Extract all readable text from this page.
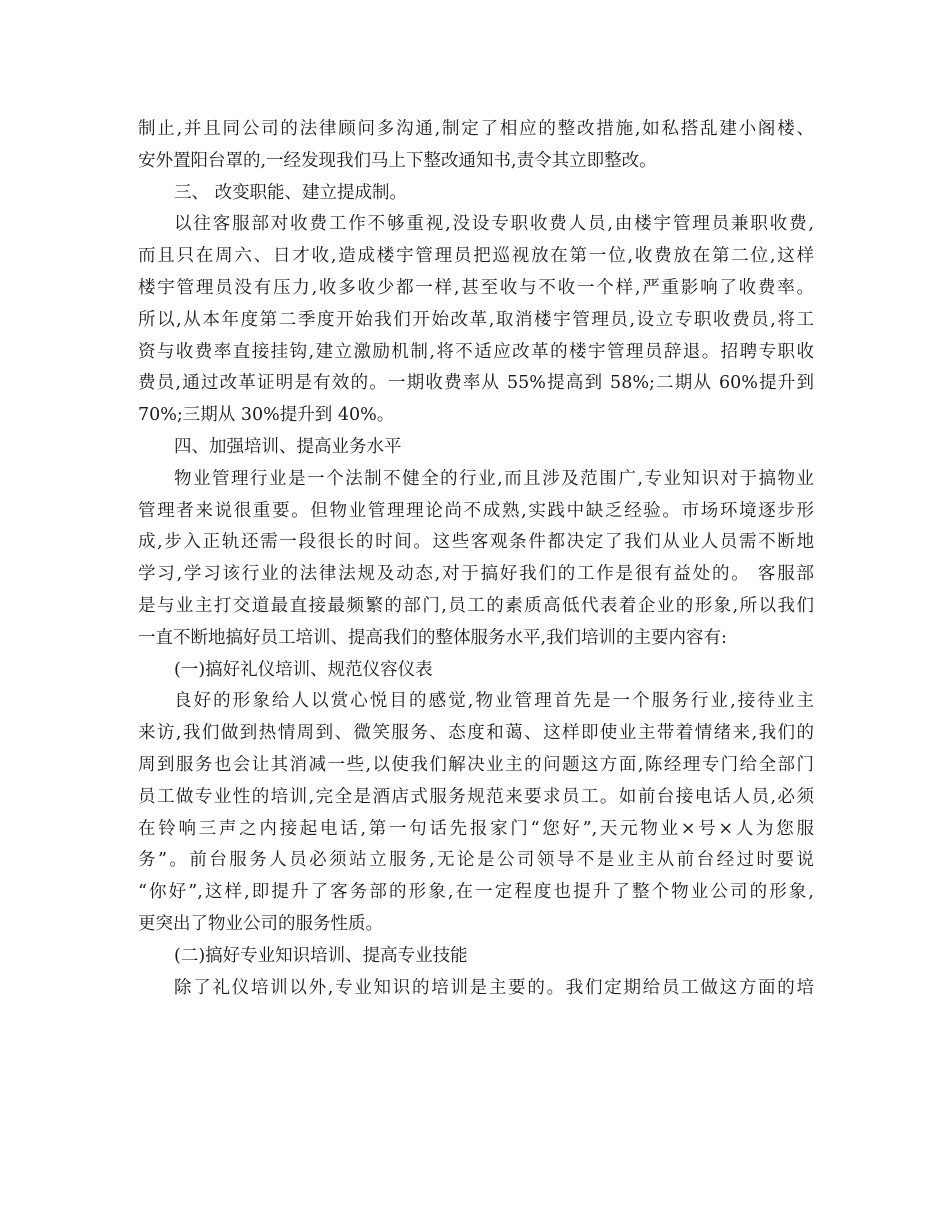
制止,并且同公司的法律顾问多沟通,制定了相应的整改措施,如私搭乱建小阁楼、
安外置阳台罩的,一经发现我们马上下整改通知书,责令其立即整改。
三、 改变职能、建立提成制。
以往客服部对收费工作不够重视,没设专职收费人员,由楼宇管理员兼职收费,
而且只在周六、日才收,造成楼宇管理员把巡视放在第一位,收费放在第二位,这样
楼宇管理员没有压力,收多收少都一样,甚至收与不收一个样,严重影响了收费率。
所以,从本年度第二季度开始我们开始改革,取消楼宇管理员,设立专职收费员,将工
资与收费率直接挂钩,建立激励机制,将不适应改革的楼宇管理员辞退。招聘专职收
费员,通过改革证明是有效的。一期收费率从 55%提高到 58%;二期从 60%提升到
70%;三期从 30%提升到 40%。
四、加强培训、提高业务水平
物业管理行业是一个法制不健全的行业,而且涉及范围广,专业知识对于搞物业
管理者来说很重要。但物业管理理论尚不成熟,实践中缺乏经验。市场环境逐步形
成,步入正轨还需一段很长的时间。这些客观条件都决定了我们从业人员需不断地
学习,学习该行业的法律法规及动态,对于搞好我们的工作是很有益处的。 客服部
是与业主打交道最直接最频繁的部门,员工的素质高低代表着企业的形象,所以我们
一直不断地搞好员工培训、提高我们的整体服务水平,我们培训的主要内容有:
(一)搞好礼仪培训、规范仪容仪表
良好的形象给人以赏心悦目的感觉,物业管理首先是一个服务行业,接待业主
来访,我们做到热情周到、微笑服务、态度和蔼、这样即使业主带着情绪来,我们的
周到服务也会让其消减一些,以使我们解决业主的问题这方面,陈经理专门给全部门
员工做专业性的培训,完全是酒店式服务规范来要求员工。如前台接电话人员,必须
在铃响三声之内接起电话,第一句话先报家门“您好”,天元物业×号×人为您服
务”。前台服务人员必须站立服务,无论是公司领导不是业主从前台经过时要说
“你好”,这样,即提升了客务部的形象,在一定程度也提升了整个物业公司的形象,
更突出了物业公司的服务性质。
(二)搞好专业知识培训、提高专业技能
除了礼仪培训以外,专业知识的培训是主要的。我们定期给员工做这方面的培
